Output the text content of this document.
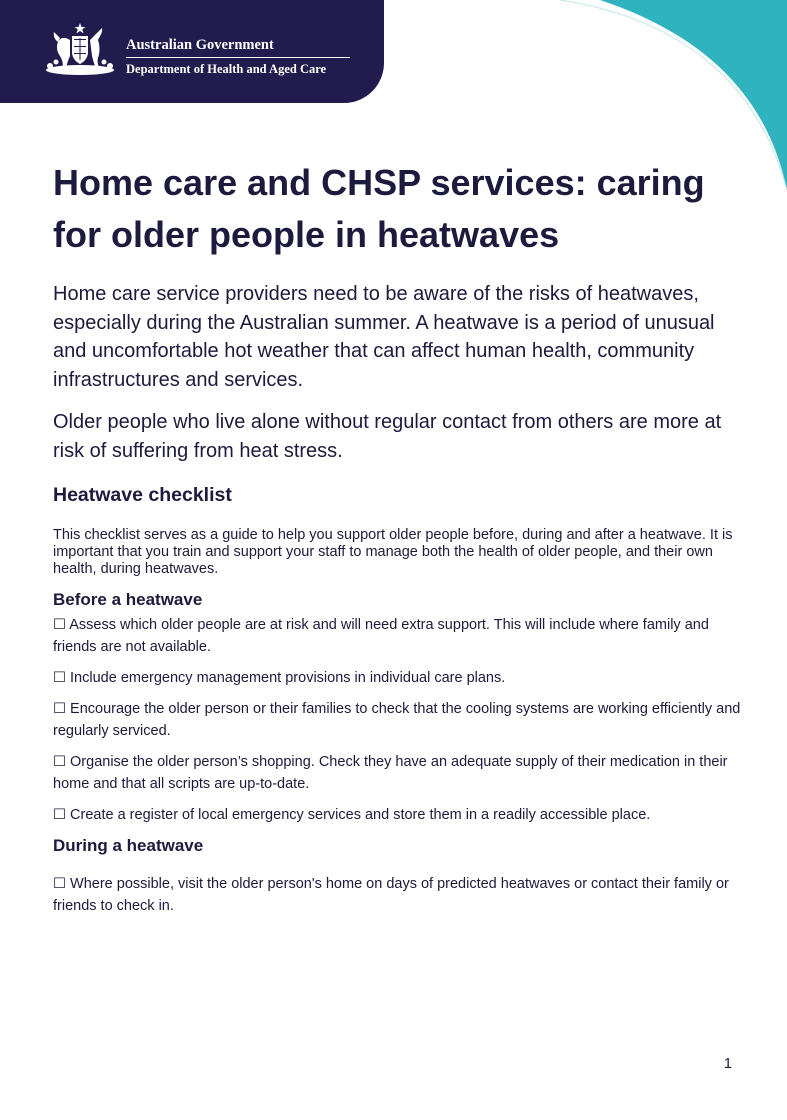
Australian Government
Department of Health and Aged Care
Home care and CHSP services: caring for older people in heatwaves

Home care service providers need to be aware of the risks of heatwaves, especially during the Australian summer. A heatwave is a period of unusual and uncomfortable hot weather that can affect human health, community infrastructures and services.

Older people who live alone without regular contact from others are more at risk of suffering from heat stress.

Heatwave checklist

This checklist serves as a guide to help you support older people before, during and after a heatwave. It is important that you train and support your staff to manage both the health of older people, and their own health, during heatwaves.

Before a heatwave
☐ Assess which older people are at risk and will need extra support. This will include where family and friends are not available.
☐ Include emergency management provisions in individual care plans.
☐ Encourage the older person or their families to check that the cooling systems are working efficiently and regularly serviced.
☐ Organise the older person’s shopping. Check they have an adequate supply of their medication in their home and that all scripts are up-to-date.
☐ Create a register of local emergency services and store them in a readily accessible place.
During a heatwave
☐ Where possible, visit the older person's home on days of predicted heatwaves or contact their family or friends to check in.
1
